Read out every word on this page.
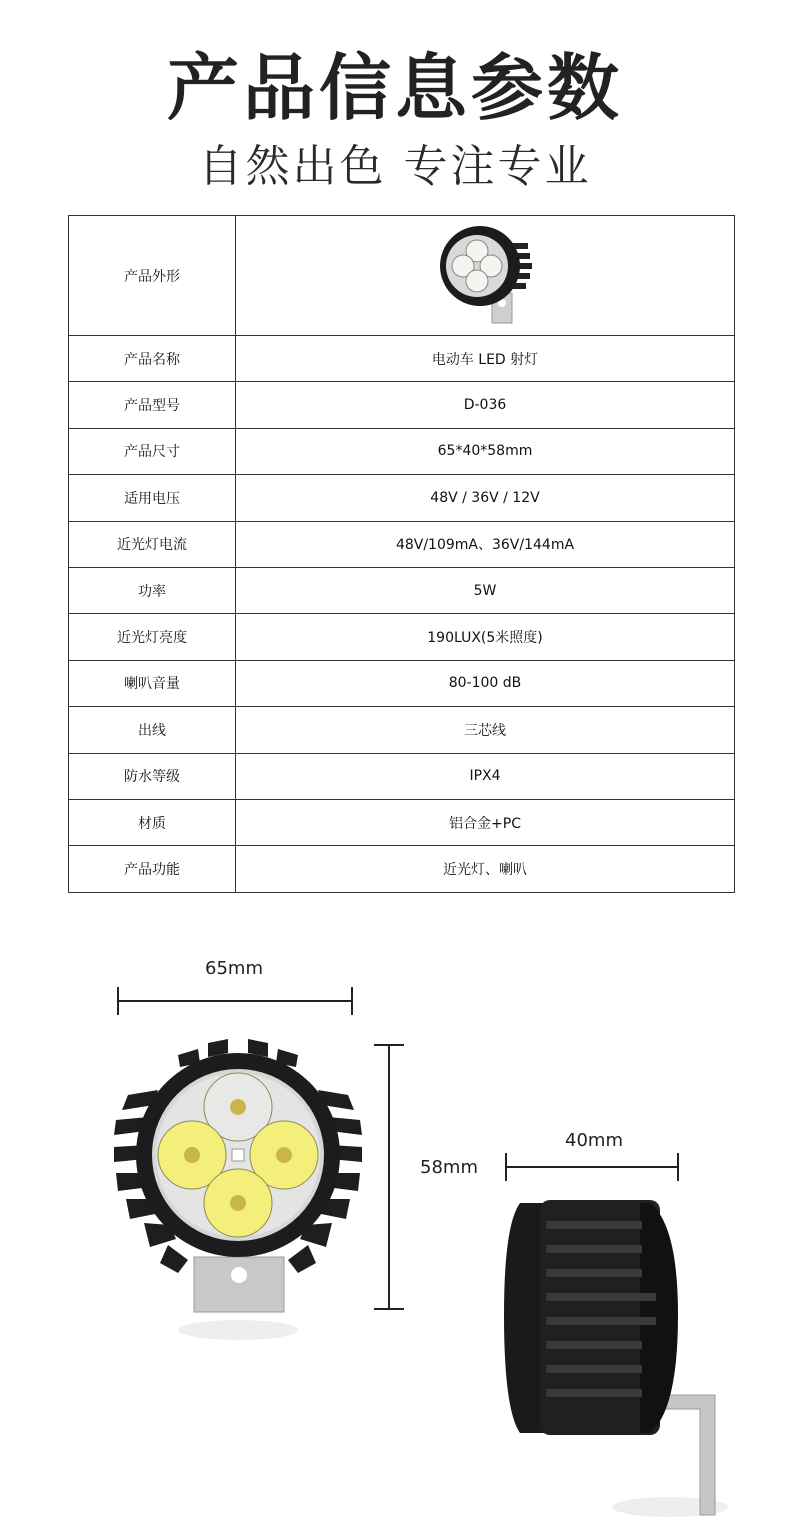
产品信息参数
自然出色 专注专业
产品外形	

产品名称	电动车 LED 射灯
产品型号	D-036
产品尺寸	65*40*58mm
适用电压	48V / 36V / 12V
近光灯电流	48V/109mA、36V/144mA
功率	5W
近光灯亮度	190LUX(5米照度)
喇叭音量	80-100 dB
出线	三芯线
防水等级	IPX4
材质	铝合金+PC
产品功能	近光灯、喇叭
65mm
58mm
40mm
